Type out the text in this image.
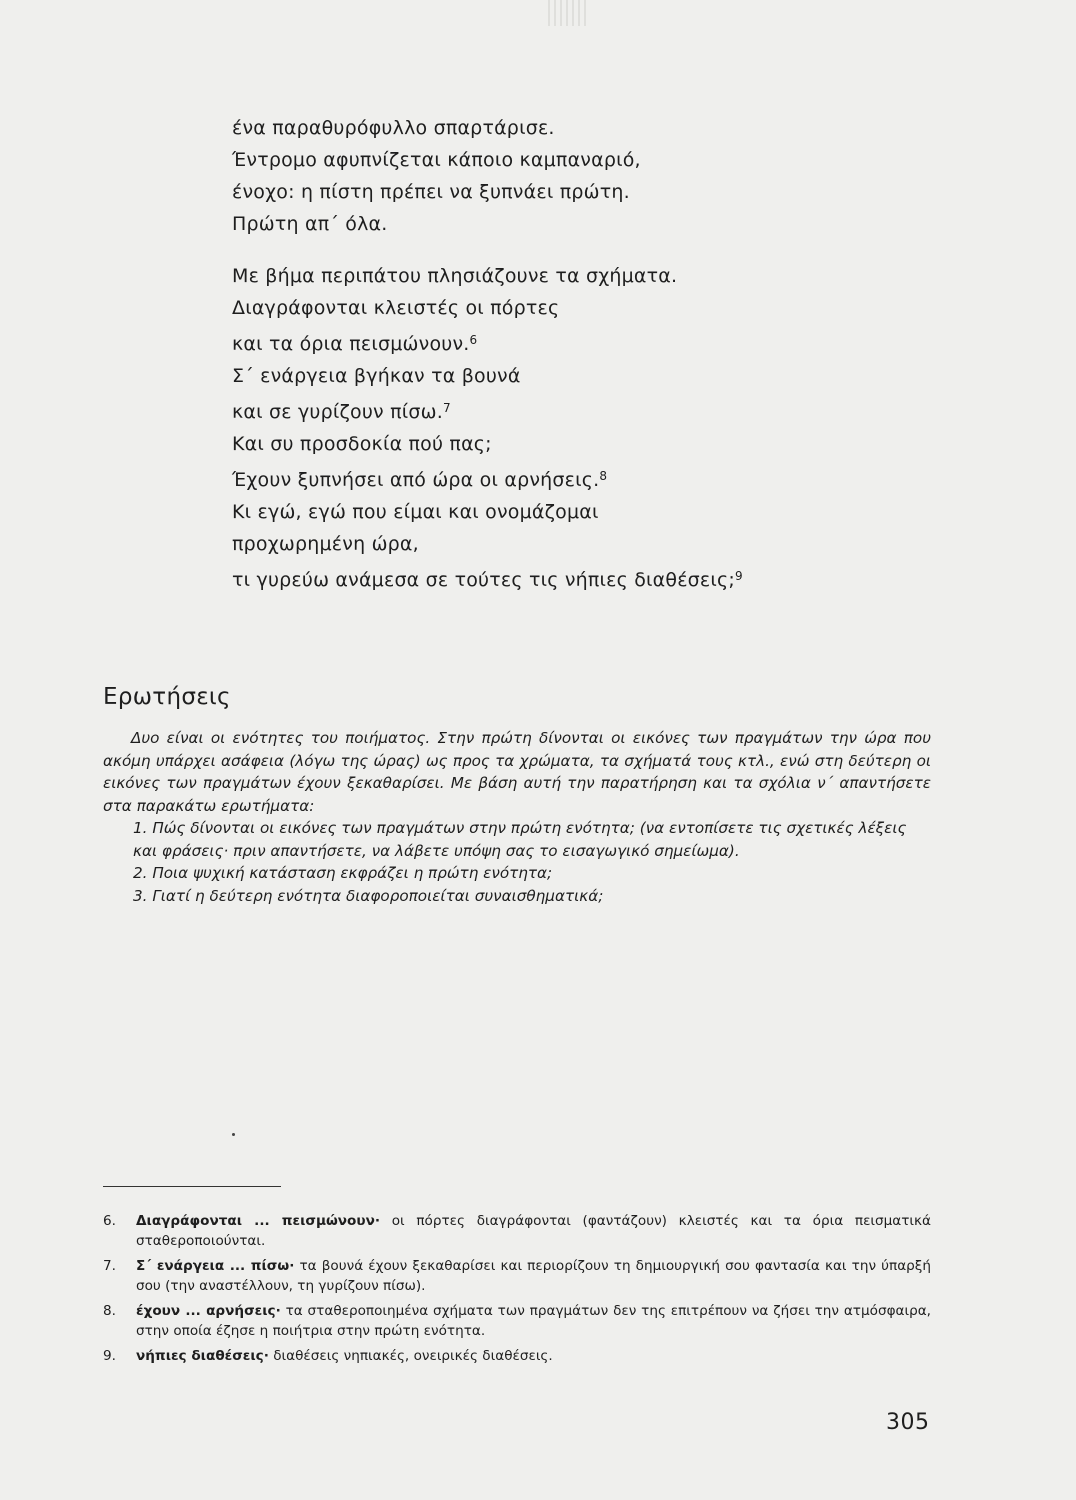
ένα παραθυρόφυλλο σπαρτάρισε.
Έντρομο αφυπνίζεται κάποιο καμπαναριό,
ένοχο: η πίστη πρέπει να ξυπνάει πρώτη.
Πρώτη απ΄ όλα.
Με βήμα περιπάτου πλησιάζουνε τα σχήματα.
Διαγράφονται κλειστές οι πόρτες
και τα όρια πεισμώνουν.$^6$
Σ΄ ενάργεια βγήκαν τα βουνά
και σε γυρίζουν πίσω.$^7$
Και συ προσδοκία πού πας;
Έχουν ξυπνήσει από ώρα οι αρνήσεις.$^8$
Κι εγώ, εγώ που είμαι και ονομάζομαι
προχωρημένη ώρα,
τι γυρεύω ανάμεσα σε τούτες τις νήπιες διαθέσεις;$^9$
Ερωτήσεις

Δυο είναι οι ενότητες του ποιήματος. Στην πρώτη δίνονται οι εικόνες των πραγμάτων την ώρα που ακόμη υπάρχει ασάφεια (λόγω της ώρας) ως προς τα χρώματα, τα σχήματά τους κτλ., ενώ στη δεύτερη οι εικόνες των πραγμάτων έχουν ξεκαθαρίσει. Με βάση αυτή την παρατήρηση και τα σχόλια ν΄ απαντήσετε στα παρακάτω ερωτήματα:

1. Πώς δίνονται οι εικόνες των πραγμάτων στην πρώτη ενότητα; (να εντοπίσετε τις σχετικές λέξεις και φράσεις· πριν απαντήσετε, να λάβετε υπόψη σας το εισαγωγικό σημείωμα).
2. Ποια ψυχική κατάσταση εκφράζει η πρώτη ενότητα;
3. Γιατί η δεύτερη ενότητα διαφοροποιείται συναισθηματικά;
6.	Διαγράφονται ... πεισμώνουν· οι πόρτες διαγράφονται (φαντάζουν) κλειστές και τα όρια πεισματικά σταθεροποιούνται.
7.	Σ΄ ενάργεια ... πίσω· τα βουνά έχουν ξεκαθαρίσει και περιορίζουν τη δημιουργική σου φαντασία και την ύπαρξή σου (την αναστέλλουν, τη γυρίζουν πίσω).
8.	έχουν ... αρνήσεις· τα σταθεροποιημένα σχήματα των πραγμάτων δεν της επιτρέπουν να ζήσει την ατμόσφαιρα, στην οποία έζησε η ποιήτρια στην πρώτη ενότητα.
9.	νήπιες διαθέσεις· διαθέσεις νηπιακές, ονειρικές διαθέσεις.
305
